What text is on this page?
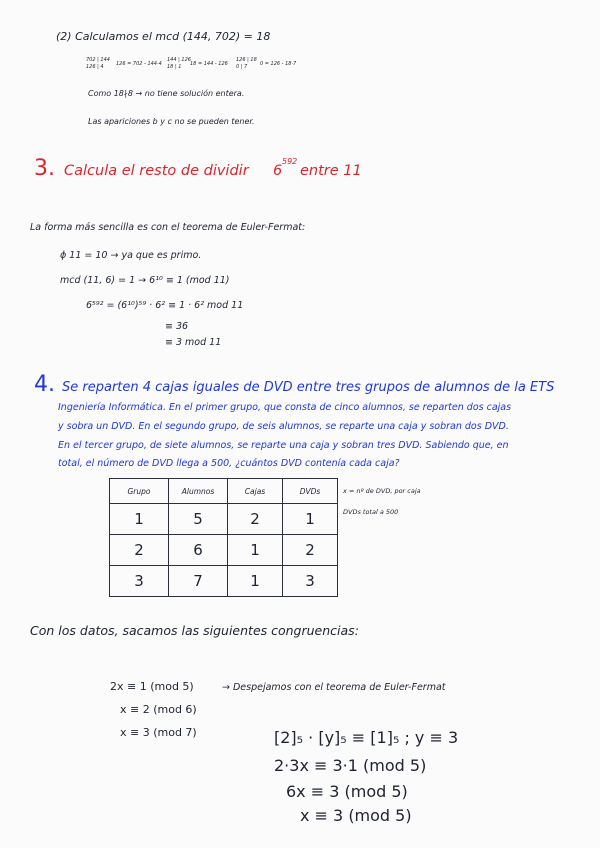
(2) Calculamos el mcd (144, 702) = 18
702 | 144
126 | 4	126 = 702 - 144·4
144 | 126
18 | 1	18 = 144 - 126
126 | 18
0 | 7	0 = 126 - 18·7
Como 18∤8 → no tiene solución entera.
Las apariciones b y c no se pueden tener.
3. Calcula el resto de dividir 6
592
entre 11
La forma más sencilla es con el teorema de Euler-Fermat:
ϕ 11 = 10 → ya que es primo.
mcd (11, 6) = 1 → 6¹⁰ ≡ 1 (mod 11)
6⁵⁹² = (6¹⁰)⁵⁹ · 6² ≡ 1 · 6² mod 11
≡ 36
≡ 3 mod 11
4. Se reparten 4 cajas iguales de DVD entre tres grupos de alumnos de la ETS
Ingeniería Informática. En el primer grupo, que consta de cinco alumnos, se reparten dos cajas
y sobra un DVD. En el segundo grupo, de seis alumnos, se reparte una caja y sobran dos DVD.
En el tercer grupo, de siete alumnos, se reparte una caja y sobran tres DVD. Sabiendo que, en
total, el número de DVD llega a 500, ¿cuántos DVD contenía cada caja?
Grupo	Alumnos	Cajas	DVDs
1	5	2	1
2	6	1	2
3	7	1	3
x = nº de DVD, por caja
DVDs total a 500
Con los datos, sacamos las siguientes congruencias:
2x ≡ 1 (mod 5)	→ Despejamos con el teorema de Euler-Fermat
x ≡ 2 (mod 6)
x ≡ 3 (mod 7)	[2]₅ · [y]₅ ≡ [1]₅ ; y ≡ 3
2·3x ≡ 3·1 (mod 5)
6x ≡ 3 (mod 5)
x ≡ 3 (mod 5)
